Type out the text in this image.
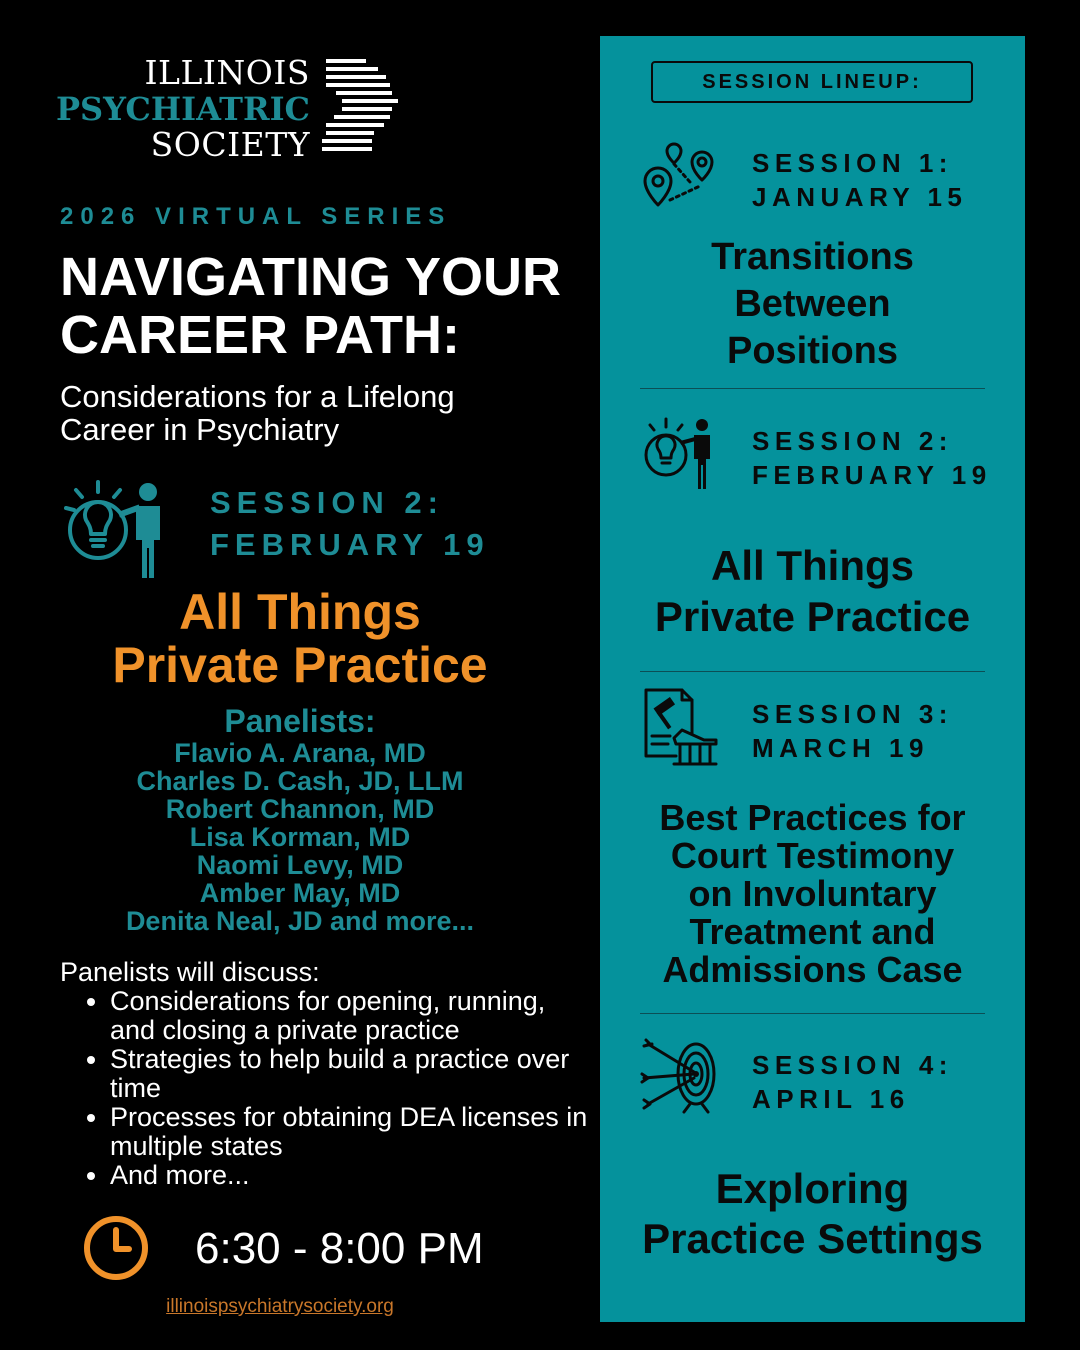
ILLINOIS
PSYCHIATRIC
SOCIETY
2026 VIRTUAL SERIES
NAVIGATING YOUR
CAREER PATH:
Considerations for a Lifelong
Career in Psychiatry
SESSION 2:
FEBRUARY 19
All Things
Private Practice
Panelists:
Flavio A. Arana, MD
Charles D. Cash, JD, LLM
Robert Channon, MD
Lisa Korman, MD
Naomi Levy, MD
Amber May, MD
Denita Neal, JD and more...
Panelists will discuss:
• Considerations for opening, running, and closing a private practice
• Strategies to help build a practice over time
• Processes for obtaining DEA licenses in multiple states
• And more...
6:30 - 8:00 PM
illinoispsychiatrysociety.org
SESSION LINEUP:
SESSION 1:
JANUARY 15
Transitions
Between
Positions
SESSION 2:
FEBRUARY 19
All Things
Private Practice
SESSION 3:
MARCH 19
Best Practices for
Court Testimony
on Involuntary
Treatment and
Admissions Case
SESSION 4:
APRIL 16
Exploring
Practice Settings
